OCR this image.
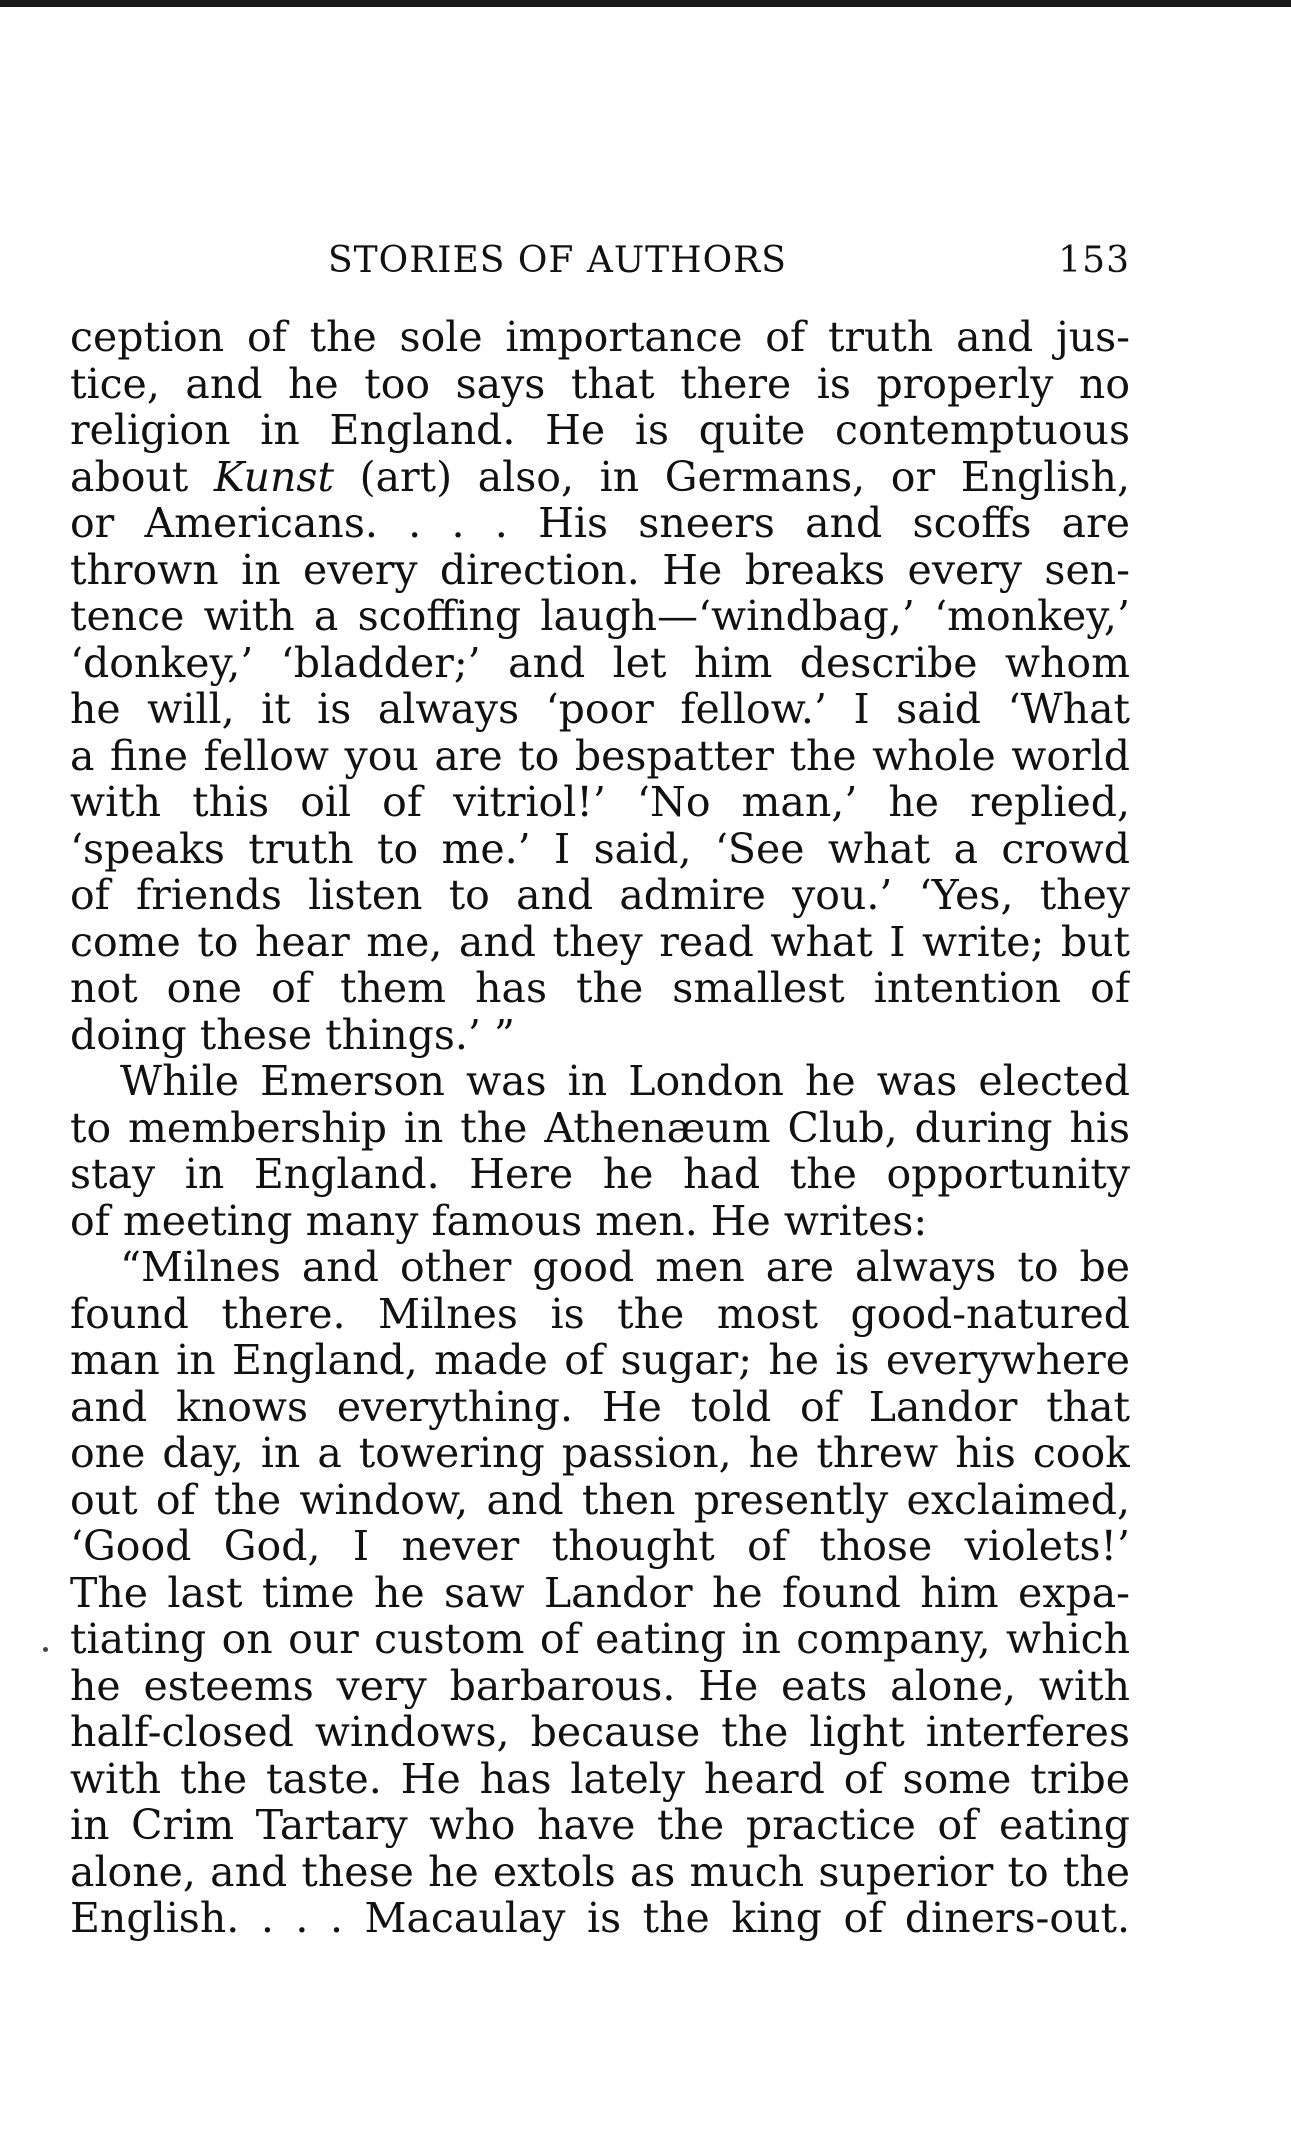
STORIES OF AUTHORS	153
ception of the sole importance of truth and jus-
tice, and he too says that there is properly no
religion in England. He is quite contemptuous
about Kunst (art) also, in Germans, or English,
or Americans. . . . His sneers and scoffs are
thrown in every direction. He breaks every sen-
tence with a scoffing laugh—‘windbag,’ ‘monkey,’
‘donkey,’ ‘bladder;’ and let him describe whom
he will, it is always ‘poor fellow.’ I said ‘What
a fine fellow you are to bespatter the whole world
with this oil of vitriol!’ ‘No man,’ he replied,
‘speaks truth to me.’ I said, ‘See what a crowd
of friends listen to and admire you.’ ‘Yes, they
come to hear me, and they read what I write; but
not one of them has the smallest intention of
doing these things.’ ”
While Emerson was in London he was elected
to membership in the Athenæum Club, during his
stay in England. Here he had the opportunity
of meeting many famous men. He writes:
“Milnes and other good men are always to be
found there. Milnes is the most good-natured
man in England, made of sugar; he is everywhere
and knows everything. He told of Landor that
one day, in a towering passion, he threw his cook
out of the window, and then presently exclaimed,
‘Good God, I never thought of those violets!’
The last time he saw Landor he found him expa-
tiating on our custom of eating in company, which
he esteems very barbarous. He eats alone, with
half-closed windows, because the light interferes
with the taste. He has lately heard of some tribe
in Crim Tartary who have the practice of eating
alone, and these he extols as much superior to the
English. . . . Macaulay is the king of diners-out.
